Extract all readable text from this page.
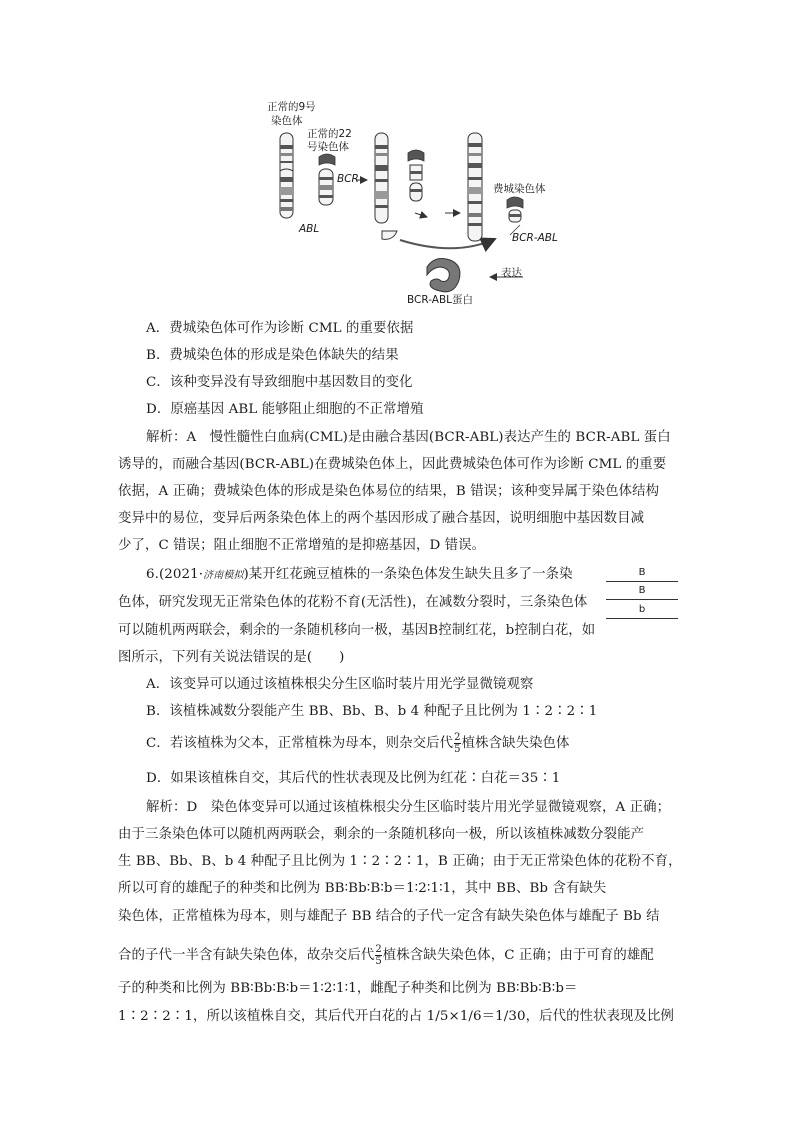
正常的9号
染色体
正常的22
号染色体
BCR
ABL
费城染色体
BCR-ABL
表达
BCR-ABL蛋白
A．费城染色体可作为诊断 CML 的重要依据
B．费城染色体的形成是染色体缺失的结果
C．该种变异没有导致细胞中基因数目的变化
D．原癌基因 ABL 能够阻止细胞的不正常增殖
解析：A　慢性髓性白血病(CML)是由融合基因(BCR-ABL)表达产生的 BCR-ABL 蛋白
诱导的，而融合基因(BCR-ABL)在费城染色体上，因此费城染色体可作为诊断 CML 的重要
依据，A 正确；费城染色体的形成是染色体易位的结果，B 错误；该种变异属于染色体结构
变异中的易位，变异后两条染色体上的两个基因形成了融合基因，说明细胞中基因数目减
少了，C 错误；阻止细胞不正常增殖的是抑癌基因，D 错误。
6.(2021·济南模拟)某开红花豌豆植株的一条染色体发生缺失且多了一条染
色体，研究发现无正常染色体的花粉不育(无活性)，在减数分裂时，三条染色体
可以随机两两联会，剩余的一条随机移向一极，基因B控制红花，b控制白花，如
图所示，下列有关说法错误的是(　　)
B
B
b
A．该变异可以通过该植株根尖分生区临时装片用光学显微镜观察
B．该植株减数分裂能产生 BB、Bb、B、b 4 种配子且比例为 1∶2∶2∶1
C．若该植株为父本，正常植株为母本，则杂交后代 $\frac{2}{5}$ 植株含缺失染色体
D．如果该植株自交，其后代的性状表现及比例为红花∶白花＝35∶1
解析：D　染色体变异可以通过该植株根尖分生区临时装片用光学显微镜观察，A 正确；
由于三条染色体可以随机两两联会，剩余的一条随机移向一极，所以该植株减数分裂能产
生 BB、Bb、B、b 4 种配子且比例为 1∶2∶2∶1，B 正确；由于无正常染色体的花粉不育，
所以可育的雄配子的种类和比例为 BB∶Bb∶B∶b＝1∶2∶1∶1，其中 BB、Bb 含有缺失
染色体，正常植株为母本，则与雄配子 BB 结合的子代一定含有缺失染色体与雄配子 Bb 结
合的子代一半含有缺失染色体，故杂交后代 $\frac{2}{5}$ 植株含缺失染色体，C 正确；由于可育的雄配
子的种类和比例为 BB∶Bb∶B∶b＝1∶2∶1∶1，雌配子种类和比例为 BB∶Bb∶B∶b＝
1∶2∶2∶1，所以该植株自交，其后代开白花的占 1/5×1/6＝1/30，后代的性状表现及比例
